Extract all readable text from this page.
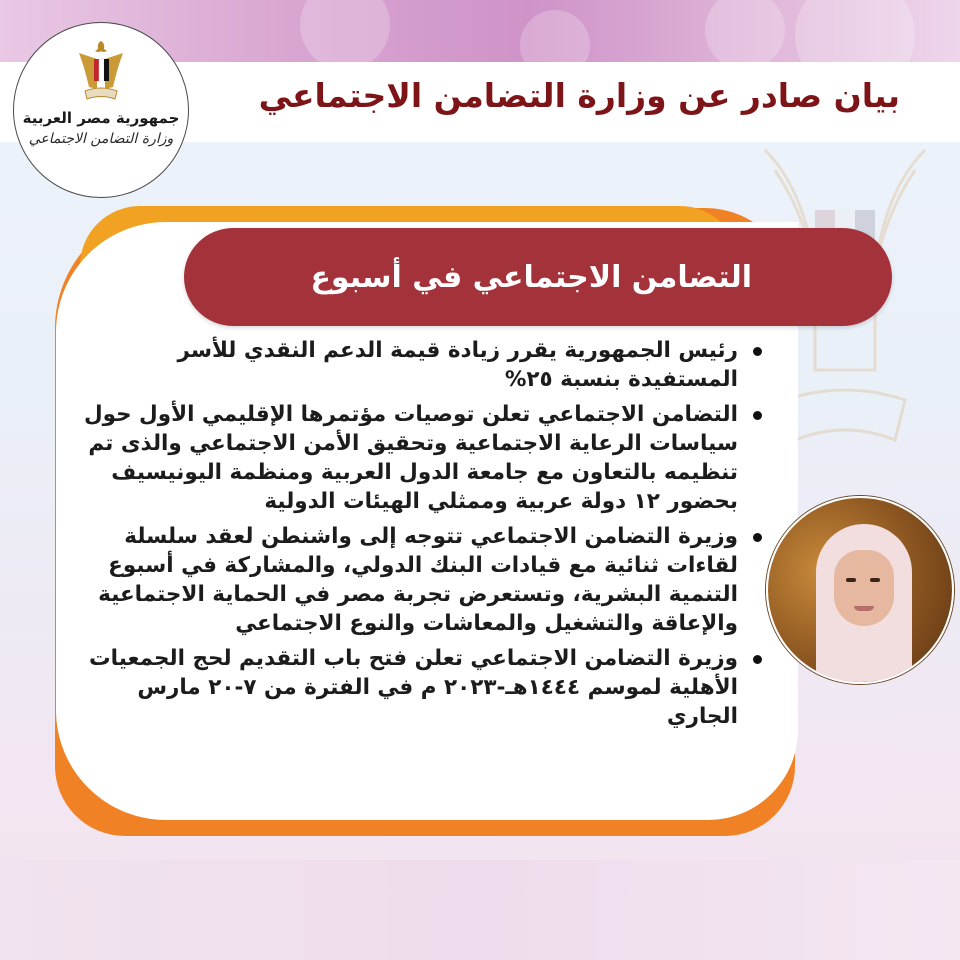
جمهورية مصر العربية
وزارة التضامن الاجتماعي
بيان صادر عن وزارة التضامن الاجتماعي
التضامن الاجتماعي في أسبوع
رئيس الجمهورية يقرر زيادة قيمة الدعم النقدي للأسر المستفيدة بنسبة ٢٥%
التضامن الاجتماعي تعلن توصيات مؤتمرها الإقليمي الأول حول سياسات الرعاية الاجتماعية وتحقيق الأمن الاجتماعي والذى تم تنظيمه بالتعاون مع جامعة الدول العربية ومنظمة اليونيسيف بحضور ١٢ دولة عربية وممثلي الهيئات الدولية
وزيرة التضامن الاجتماعي تتوجه إلى واشنطن لعقد سلسلة لقاءات ثنائية مع قيادات البنك الدولي، والمشاركة في أسبوع التنمية البشرية، وتستعرض تجربة مصر في الحماية الاجتماعية والإعاقة والتشغيل والمعاشات والنوع الاجتماعي
وزيرة التضامن الاجتماعي تعلن فتح باب التقديم لحج الجمعيات الأهلية لموسم ١٤٤٤هـ-٢٠٢٣ م في الفترة من ٧-٢٠ مارس الجاري
